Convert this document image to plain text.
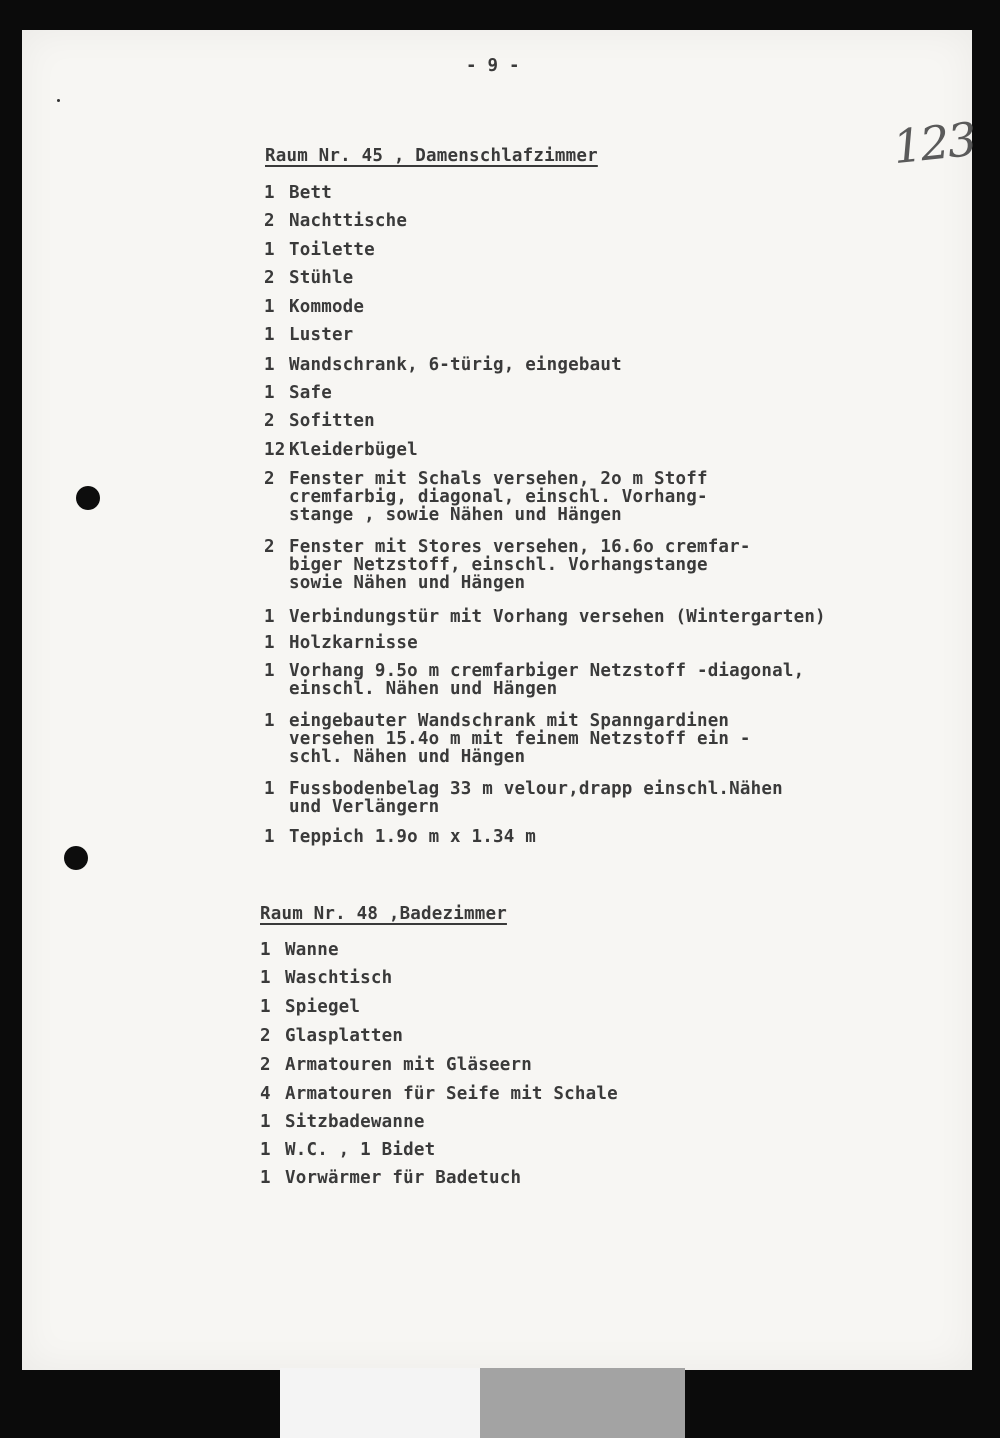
- 9 -
123
Raum Nr. 45 , Damenschlafzimmer
1 Bett
2 Nachttische
1 Toilette
2 Stühle
1 Kommode
1 Luster
1 Wandschrank, 6-türig, eingebaut
1 Safe
2 Sofitten
12 Kleiderbügel
2 Fenster mit Schals versehen, 2o m Stoff
cremfarbig, diagonal, einschl. Vorhang-
stange , sowie Nähen und Hängen
2 Fenster mit Stores versehen, 16.6o cremfar-
biger Netzstoff, einschl. Vorhangstange
sowie Nähen und Hängen
1 Verbindungstür mit Vorhang versehen (Wintergarten)
1 Holzkarnisse
1 Vorhang 9.5o m cremfarbiger Netzstoff -diagonal,
einschl. Nähen und Hängen
1 eingebauter Wandschrank mit Spanngardinen
versehen 15.4o m mit feinem Netzstoff ein -
schl. Nähen und Hängen
1 Fussbodenbelag 33 m velour,drapp einschl.Nähen
und Verlängern
1 Teppich 1.9o m x 1.34 m
Raum Nr. 48 ,Badezimmer
1 Wanne
1 Waschtisch
1 Spiegel
2 Glasplatten
2 Armatouren mit Gläseern
4 Armatouren für Seife mit Schale
1 Sitzbadewanne
1 W.C. , 1 Bidet
1 Vorwärmer für Badetuch
